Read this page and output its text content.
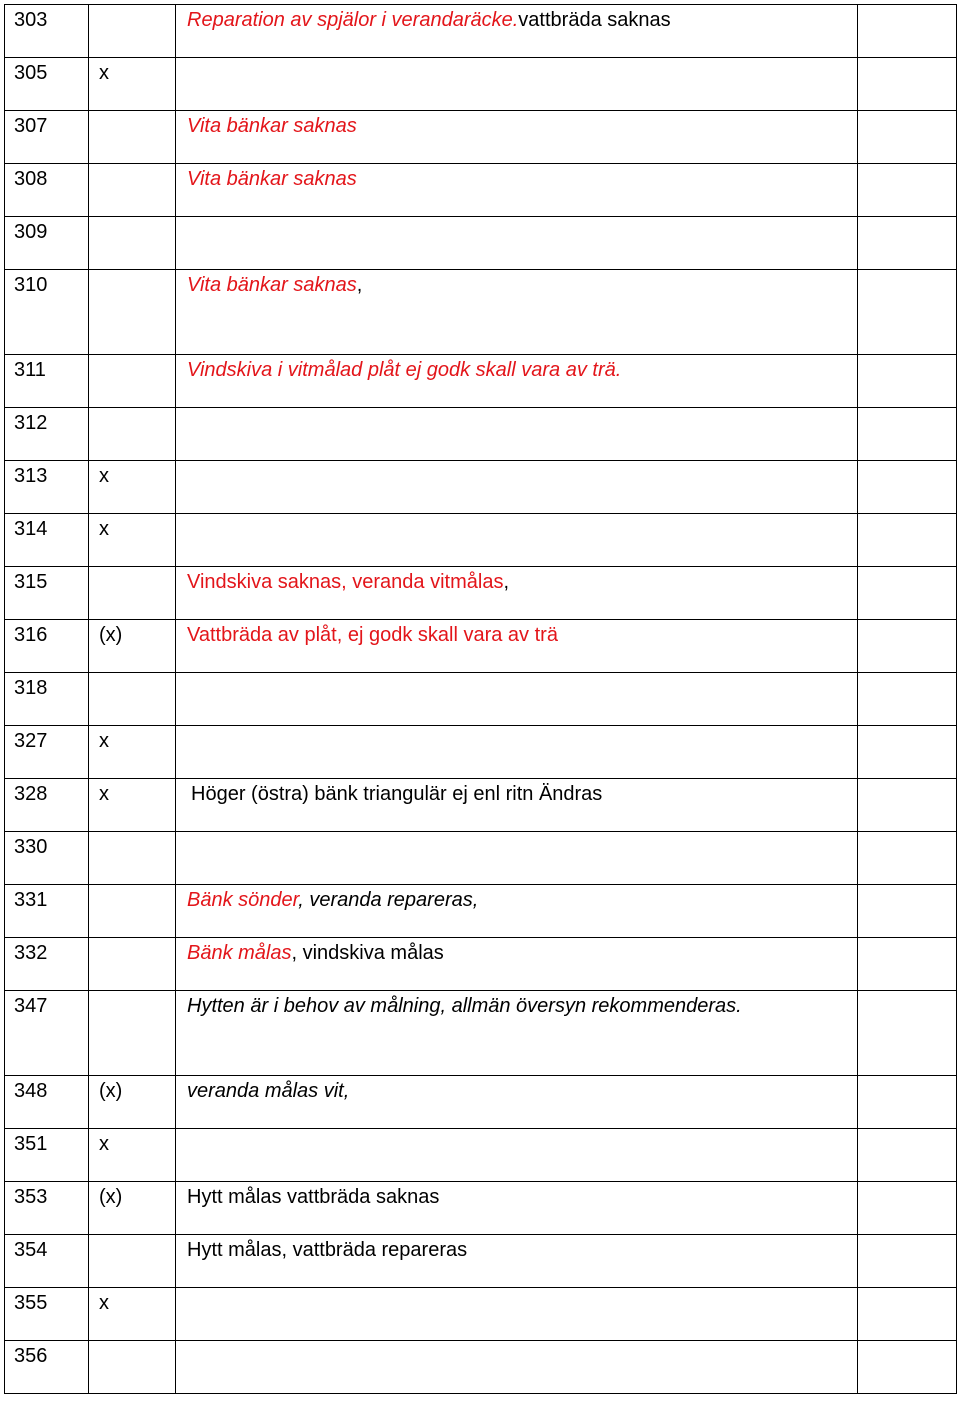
303		Reparation av spjälor i verandaräcke.vattbräda saknas	
305	x		
307		Vita bänkar saknas	
308		Vita bänkar saknas	
309			
310		Vita bänkar saknas,	
311		Vindskiva i vitmålad plåt ej godk skall vara av trä.	
312			
313	x		
314	x		
315		Vindskiva saknas, veranda vitmålas,	
316	(x)	Vattbräda av plåt, ej godk skall vara av trä	
318			
327	x		
328	x	Höger (östra) bänk triangulär ej enl ritn Ändras	
330			
331		Bänk sönder, veranda repareras,	
332		Bänk målas, vindskiva målas	
347		Hytten är i behov av målning, allmän översyn rekommenderas.	
348	(x)	veranda målas vit,	
351	x		
353	(x)	Hytt målas vattbräda saknas	
354		Hytt målas, vattbräda repareras	
355	x		
356			
